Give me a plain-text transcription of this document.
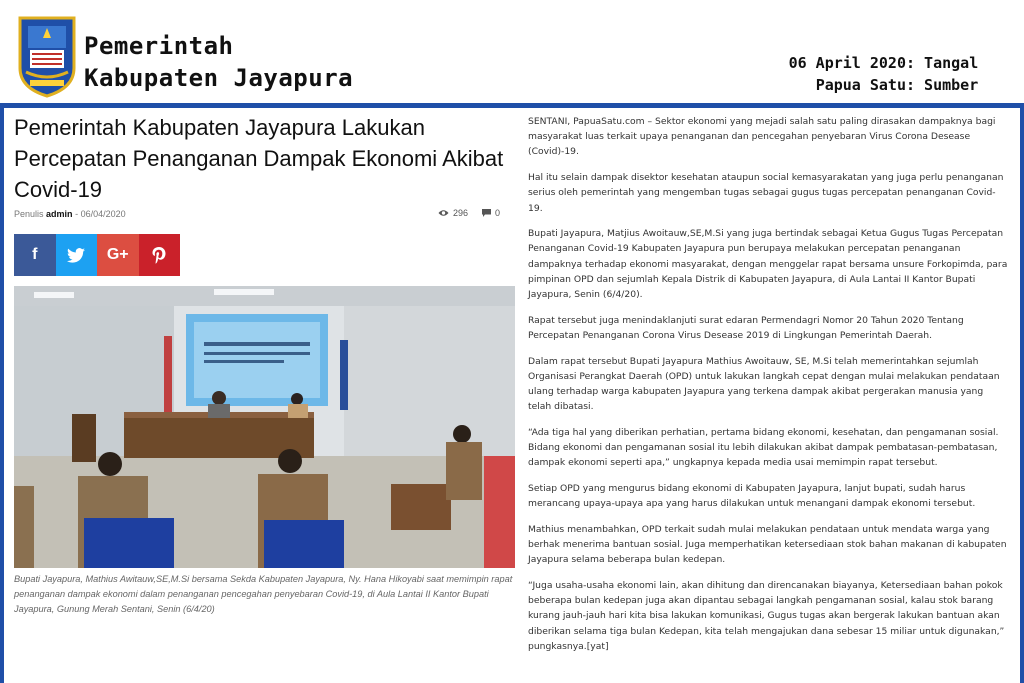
Pemerintah
Kabupaten Jayapura
06 April 2020 : Tangal
Papua Satu : Sumber
Pemerintah Kabupaten Jayapura Lakukan Percepatan Penanganan Dampak Ekonomi Akibat Covid-19
Penulis admin - 06/04/2020	296	0
f	G+

Bupati Jayapura, Mathius Awitauw,SE,M.Si bersama Sekda Kabupaten Jayapura, Ny. Hana Hikoyabi saat memimpin rapat penanganan dampak ekonomi dalam penanganan pencegahan penyebaran Covid-19, di Aula Lantai II Kantor Bupati Jayapura, Gunung Merah Sentani, Senin (6/4/20)

SENTANI, PapuaSatu.com – Sektor ekonomi yang mejadi salah satu paling dirasakan dampaknya bagi masyarakat luas terkait upaya penanganan dan pencegahan penyebaran Virus Corona Desease (Covid)-19.

Hal itu selain dampak disektor kesehatan ataupun social kemasyarakatan yang juga perlu penanganan serius oleh pemerintah yang mengemban tugas sebagai gugus tugas percepatan penanganan Covid-19.

Bupati Jayapura, Matjius Awoitauw,SE,M.Si yang juga bertindak sebagai Ketua Gugus Tugas Percepatan Penanganan Covid-19 Kabupaten Jayapura pun berupaya melakukan percepatan penanganan dampaknya terhadap ekonomi masyarakat, dengan menggelar rapat bersama unsure Forkopimda, para pimpinan OPD dan sejumlah Kepala Distrik di Kabupaten Jayapura, di Aula Lantai II Kantor Bupati Jayapura, Senin (6/4/20).

Rapat tersebut juga menindaklanjuti surat edaran Permendagri Nomor 20 Tahun 2020 Tentang Percepatan Penanganan Corona Virus Desease 2019 di Lingkungan Pemerintah Daerah.

Dalam rapat tersebut Bupati Jayapura Mathius Awoitauw, SE, M.Si telah memerintahkan sejumlah Organisasi Perangkat Daerah (OPD) untuk lakukan langkah cepat dengan mulai melakukan pendataan ulang terhadap warga kabupaten Jayapura yang terkena dampak akibat pergerakan manusia yang telah dibatasi.

“Ada tiga hal yang diberikan perhatian, pertama bidang ekonomi, kesehatan, dan pengamanan sosial. Bidang ekonomi dan pengamanan sosial itu lebih dilakukan akibat dampak pembatasan-pembatasan, dampak ekonomi seperti apa,” ungkapnya kepada media usai memimpin rapat tersebut.

Setiap OPD yang mengurus bidang ekonomi di Kabupaten Jayapura, lanjut bupati, sudah harus merancang upaya-upaya apa yang harus dilakukan untuk menangani dampak ekonomi tersebut.

Mathius menambahkan, OPD terkait sudah mulai melakukan pendataan untuk mendata warga yang berhak menerima bantuan sosial. Juga memperhatikan ketersediaan stok bahan makanan di kabupaten Jayapura selama beberapa bulan kedepan.

“Juga usaha-usaha ekonomi lain, akan dihitung dan direncanakan biayanya, Ketersediaan bahan pokok beberapa bulan kedepan juga akan dipantau sebagai langkah pengamanan sosial, kalau stok barang kurang jauh-jauh hari kita bisa lakukan komunikasi, Gugus tugas akan bergerak lakukan bantuan akan diberikan selama tiga bulan Kedepan, kita telah mengajukan dana sebesar 15 miliar untuk digunakan,” pungkasnya.[yat]
